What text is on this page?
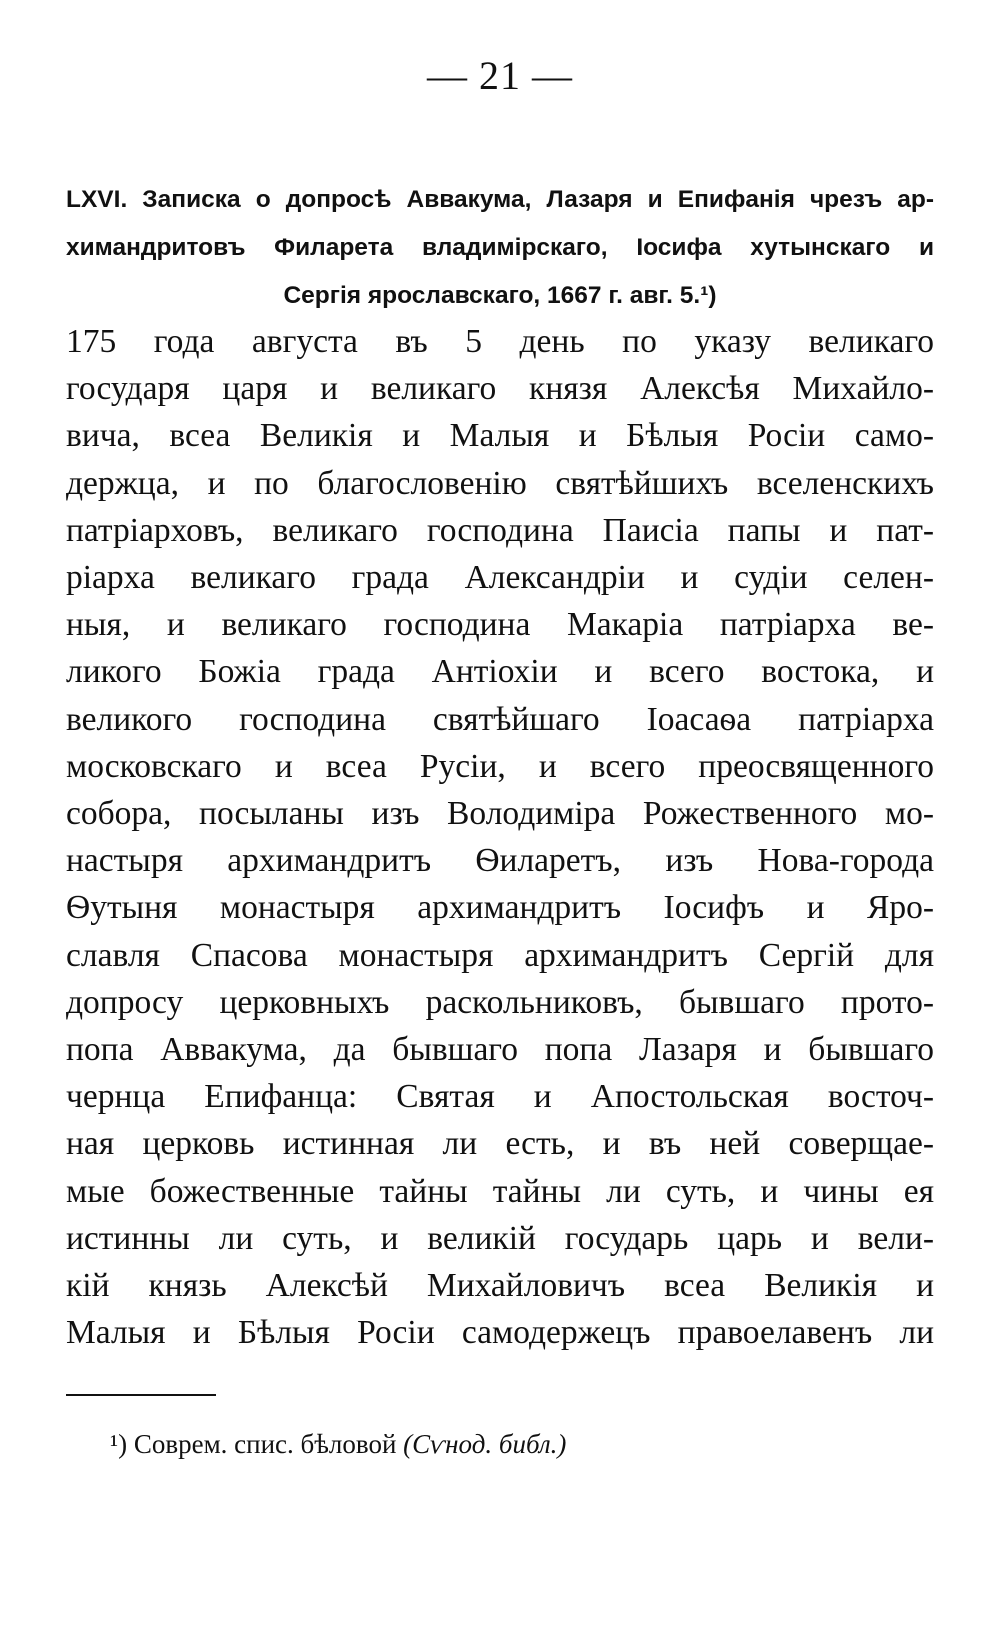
— 21 —
LXVI. Записка о допросѣ Аввакума, Лазаря и Епифанія чрезъ ар-
химандритовъ Филарета владимірскаго, Іосифа хутынскаго и
Сергія ярославскаго, 1667 г. авг. 5.¹)
175 года августа въ 5 день по указу великаго
государя царя и великаго князя Алексѣя Михайло-
вича, всеа Великія и Малыя и Бѣлыя Росіи само-
держца, и по благословенію святѣйшихъ вселенскихъ
патріарховъ, великаго господина Паисіа папы и пат-
ріарха великаго града Александріи и судіи селен-
ныя, и великаго господина Макаріа патріарха ве-
ликого Божіа града Антіохіи и всего востока, и
великого господина святѣйшаго Іоасаѳа патріарха
московскаго и всеа Русіи, и всего преосвященного
собора, посыланы изъ Володиміра Рожественного мо-
настыря архимандритъ Ѳиларетъ, изъ Нова-города
Ѳутыня монастыря архимандритъ Іосифъ и Яро-
славля Спасова монастыря архимандритъ Сергій для
допросу церковныхъ раскольниковъ, бывшаго прото-
попа Аввакума, да бывшаго попа Лазаря и бывшаго
чернца Епифанца: Святая и Апостольская восточ-
ная церковь истинная ли есть, и въ ней соверщае-
мые божественные тайны тайны ли суть, и чины ея
истинны ли суть, и великій государь царь и вели-
кій князь Алексѣй Михайловичъ всеа Великія и
Малыя и Бѣлыя Росіи самодержецъ правоелавенъ ли
¹) Соврем. спис. бѣловой (Сѵнод. библ.)
